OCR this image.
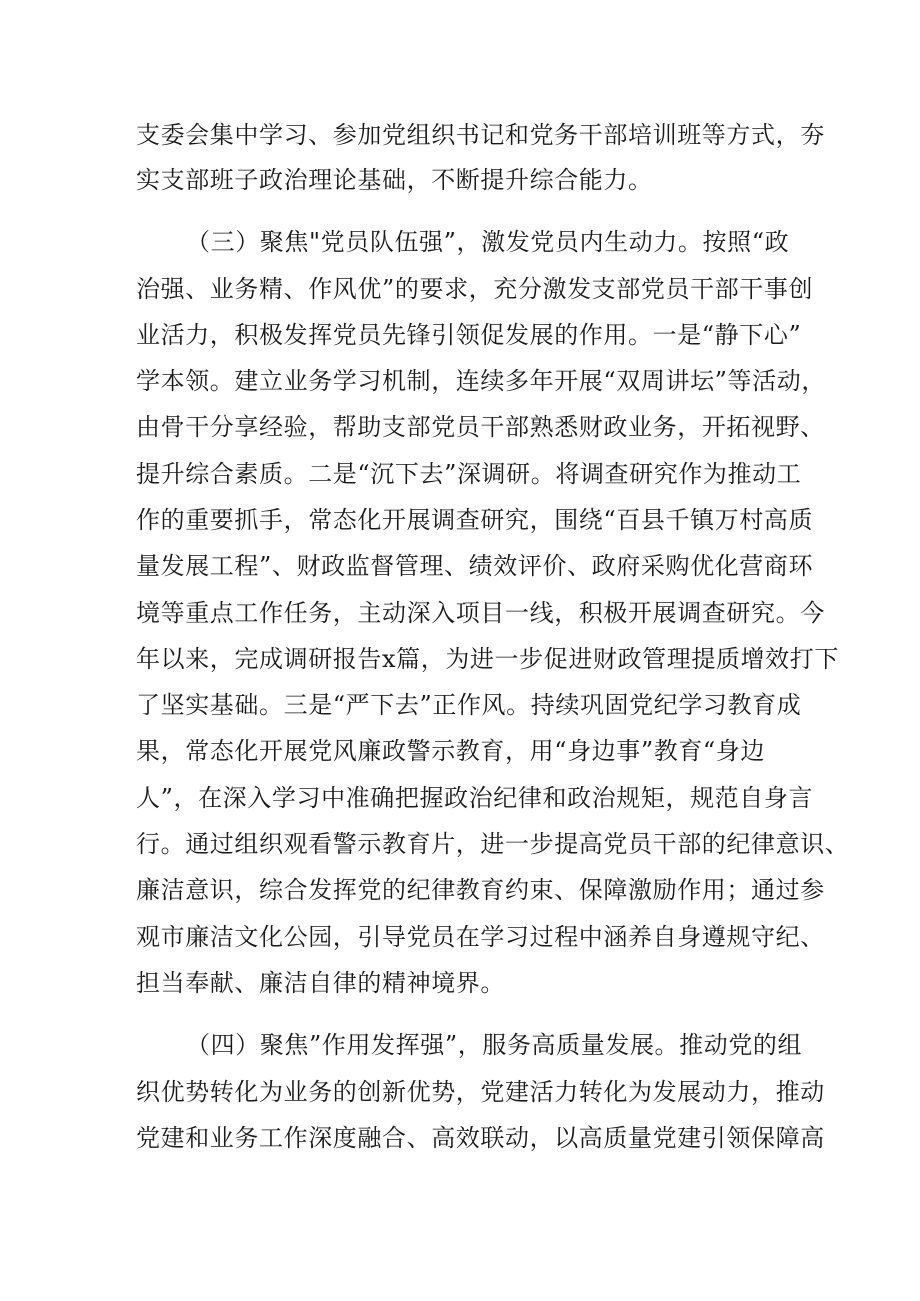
支委会集中学习、参加党组织书记和党务干部培训班等方式，夯
实支部班子政治理论基础，不断提升综合能力。
（三）聚焦"党员队伍强”，激发党员内生动力。按照“政
治强、业务精、作风优”的要求，充分激发支部党员干部干事创
业活力，积极发挥党员先锋引领促发展的作用。一是“静下心”
学本领。建立业务学习机制，连续多年开展“双周讲坛”等活动，
由骨干分享经验，帮助支部党员干部熟悉财政业务，开拓视野、
提升综合素质。二是“沉下去”深调研。将调查研究作为推动工
作的重要抓手，常态化开展调查研究，围绕“百县千镇万村高质
量发展工程”、财政监督管理、绩效评价、政府采购优化营商环
境等重点工作任务，主动深入项目一线，积极开展调查研究。今
年以来，完成调研报告x篇，为进一步促进财政管理提质增效打下
了坚实基础。三是“严下去”正作风。持续巩固党纪学习教育成
果，常态化开展党风廉政警示教育，用“身边事”教育“身边
人”，在深入学习中准确把握政治纪律和政治规矩，规范自身言
行。通过组织观看警示教育片，进一步提高党员干部的纪律意识、
廉洁意识，综合发挥党的纪律教育约束、保障激励作用；通过参
观市廉洁文化公园，引导党员在学习过程中涵养自身遵规守纪、
担当奉献、廉洁自律的精神境界。
（四）聚焦”作用发挥强”，服务高质量发展。推动党的组
织优势转化为业务的创新优势，党建活力转化为发展动力，推动
党建和业务工作深度融合、高效联动，以高质量党建引领保障高
